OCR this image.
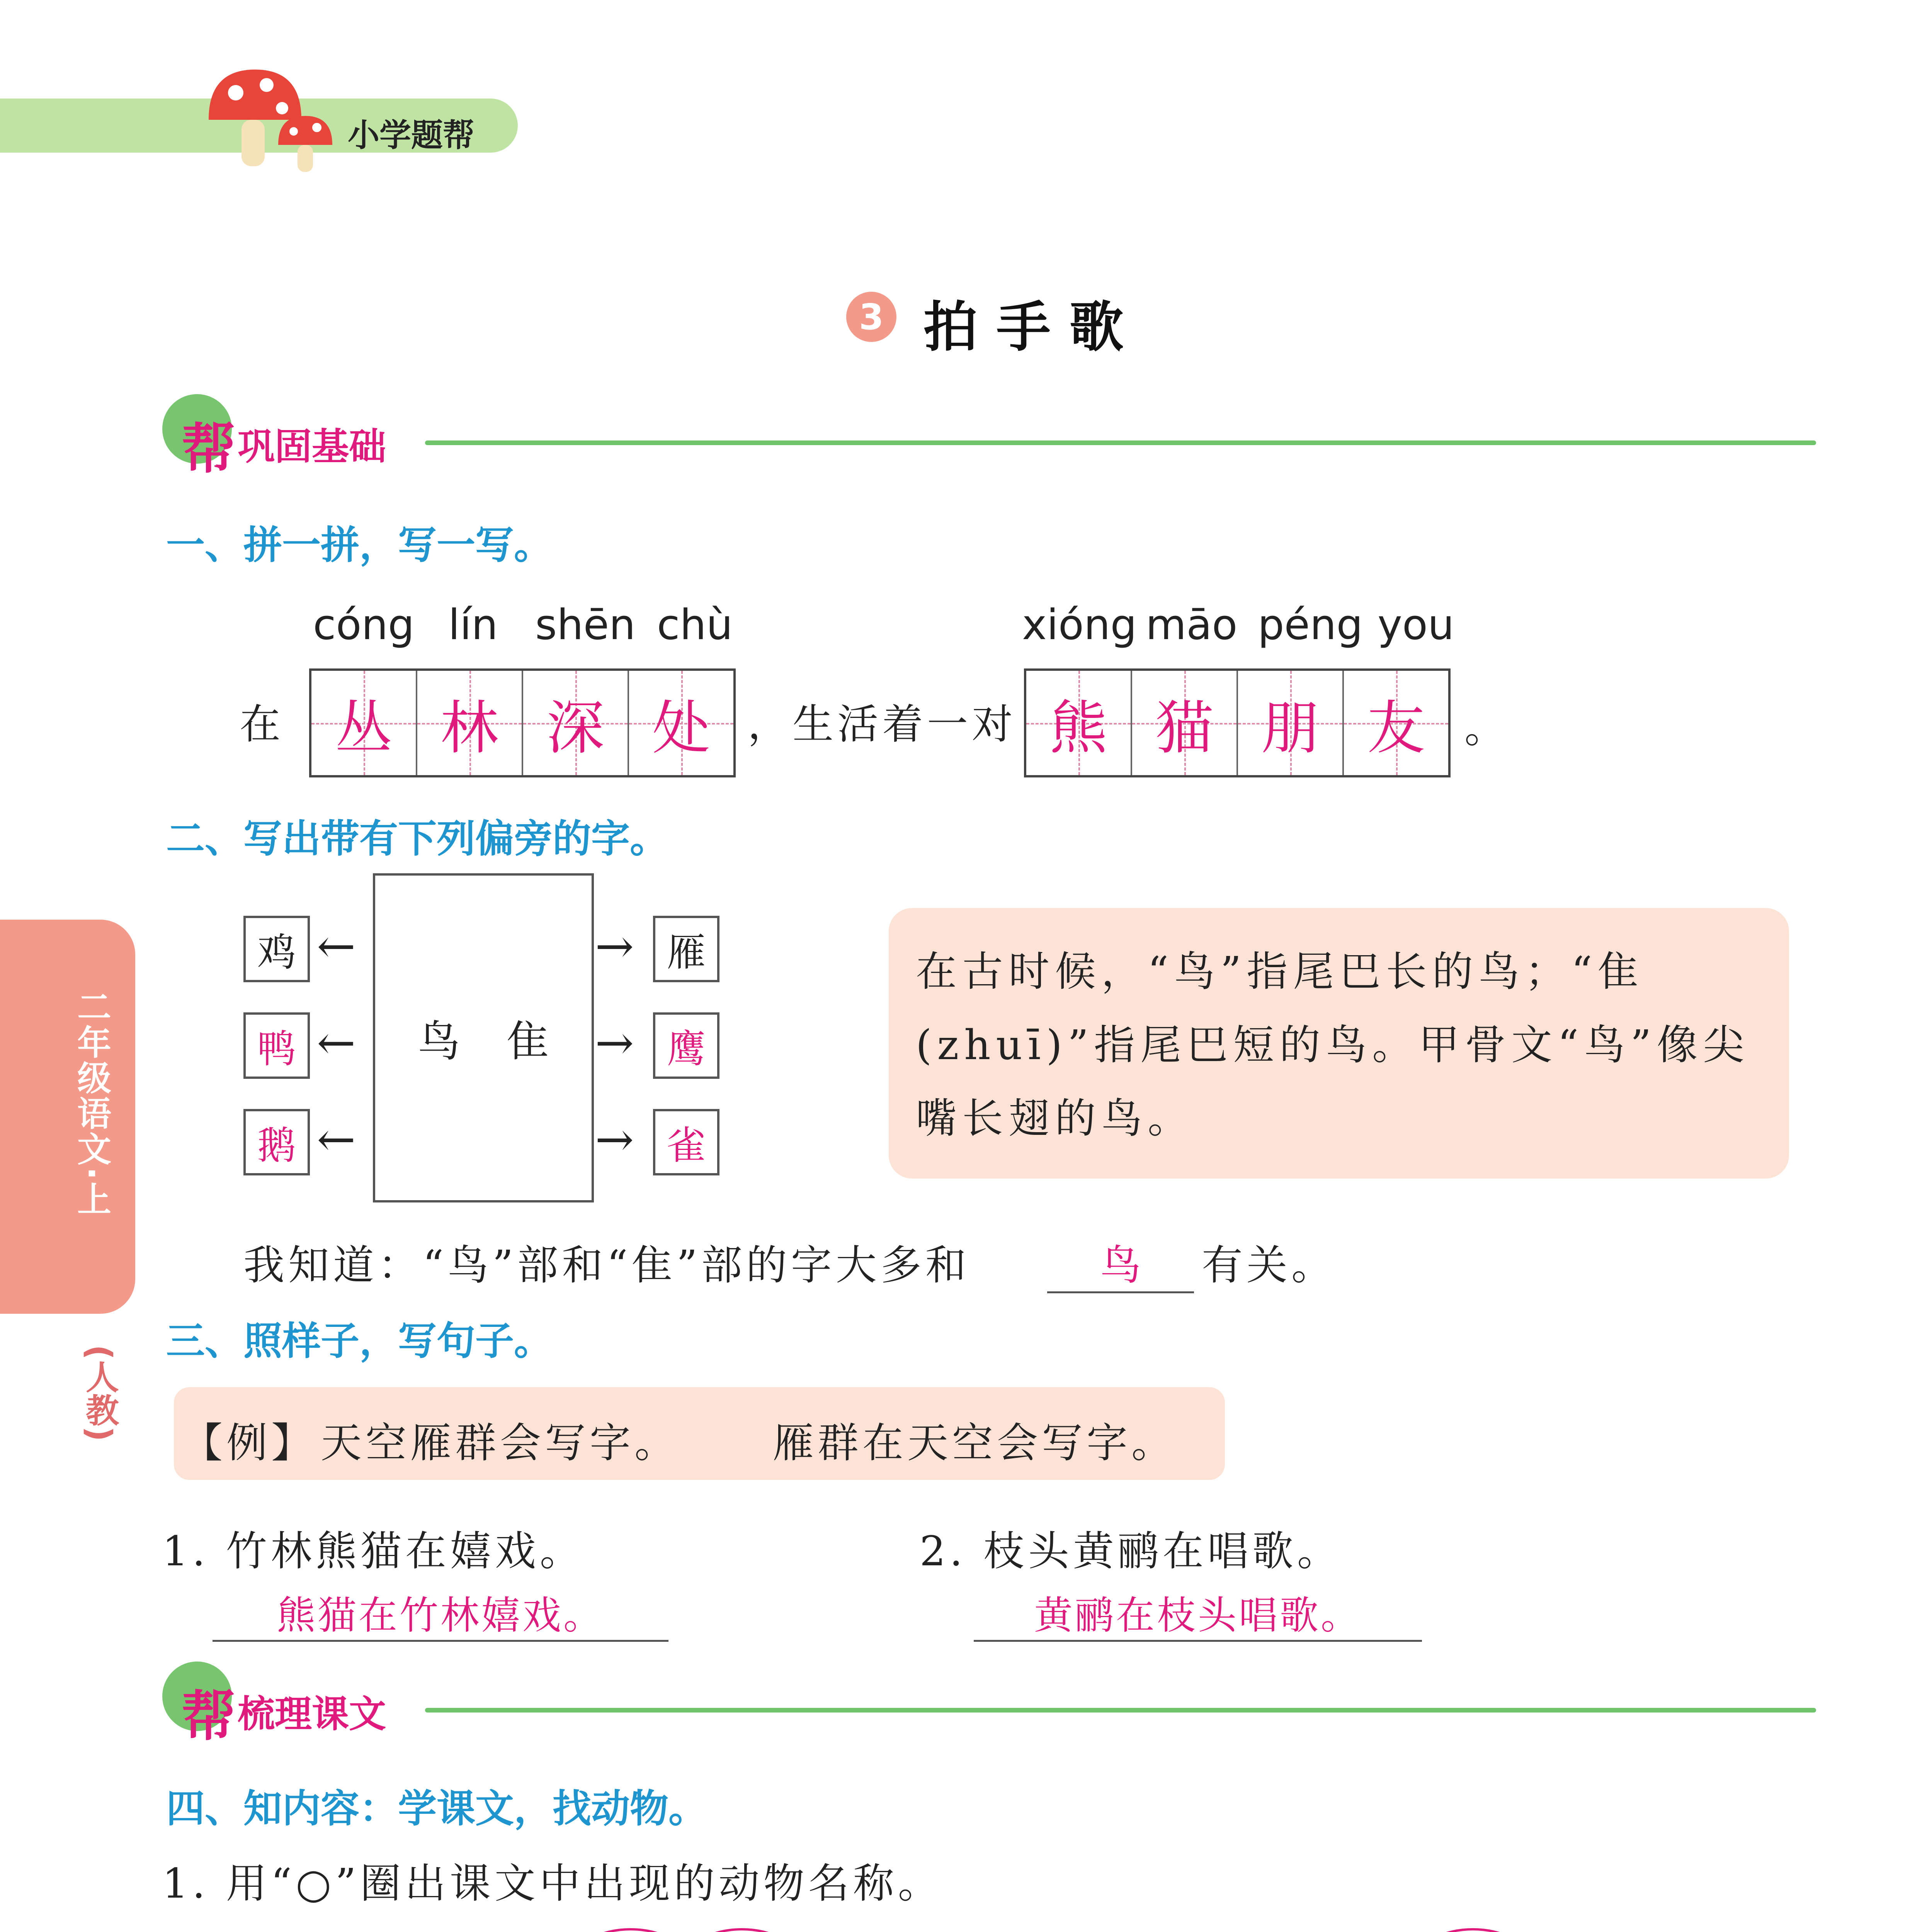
小学题帮
3 拍 手 歌
帮 巩固基础
二年级语文·上
(人教)
一、拼一拼，写一写。
cóng lín shēn chù	xióng māo péng you
在 丛 林 深 处 ，生活着一对 熊 猫 朋 友 。
二、写出带有下列偏旁的字。
鸟 隹
鸡
鸭
鹅
←
←
←
→
→
→
雁
鹰
雀
在古时候，“鸟”指尾巴长的鸟；“隹(zhuī)”指尾巴短的鸟。甲骨文“鸟”像尖嘴长翅的鸟。
我知道：“鸟”部和“隹”部的字大多和	鸟	有关。
三、照样子，写句子。
【例】 天空雁群会写字。 雁群在天空会写字。
1. 竹林熊猫在嬉戏。
熊猫在竹林嬉戏。
2. 枝头黄鹂在唱歌。
黄鹂在枝头唱歌。
帮 梳理课文
四、知内容：学课文，找动物。
1. 用“○”圈出课文中出现的动物名称。
